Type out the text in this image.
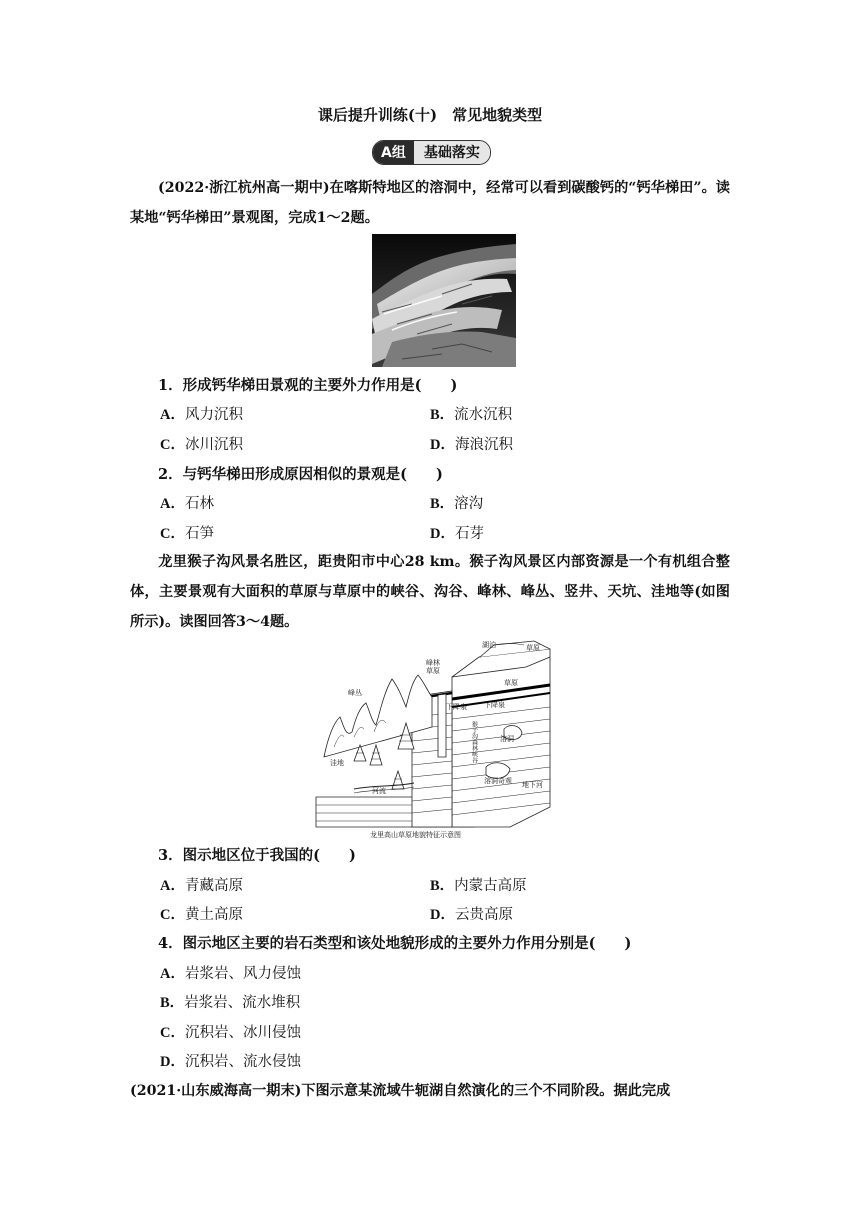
课后提升训练(十)　常见地貌类型
A组	基础落实
(2022·浙江杭州高一期中)在喀斯特地区的溶洞中，经常可以看到碳酸钙的“钙华梯田”。读某地“钙华梯田”景观图，完成1～2题。
1．形成钙华梯田景观的主要外力作用是(　　)
A．风力沉积	B．流水沉积
C．冰川沉积	D．海浪沉积
2．与钙华梯田形成原因相似的景观是(　　)
A．石林	B．溶沟
C．石笋	D．石芽
龙里猴子沟风景名胜区，距贵阳市中心28 km。猴子沟风景区内部资源是一个有机组合整体，主要景观有大面积的草原与草原中的峡谷、沟谷、峰林、峰丛、竖井、天坑、洼地等(如图所示)。读图回答3～4题。
湖泊	草原
草原
草原
峰林
峰丛
下降泉 下降泉
猴子沟森林峡谷	溶洞
洼地
河流
溶洞奇观 地下河
龙里高山草原地貌特征示意图
3．图示地区位于我国的(　　)
A．青藏高原	B．内蒙古高原
C．黄土高原	D．云贵高原
4．图示地区主要的岩石类型和该处地貌形成的主要外力作用分别是(　　)
A．岩浆岩、风力侵蚀
B．岩浆岩、流水堆积
C．沉积岩、冰川侵蚀
D．沉积岩、流水侵蚀
(2021·山东威海高一期末)下图示意某流域牛轭湖自然演化的三个不同阶段。据此完成
